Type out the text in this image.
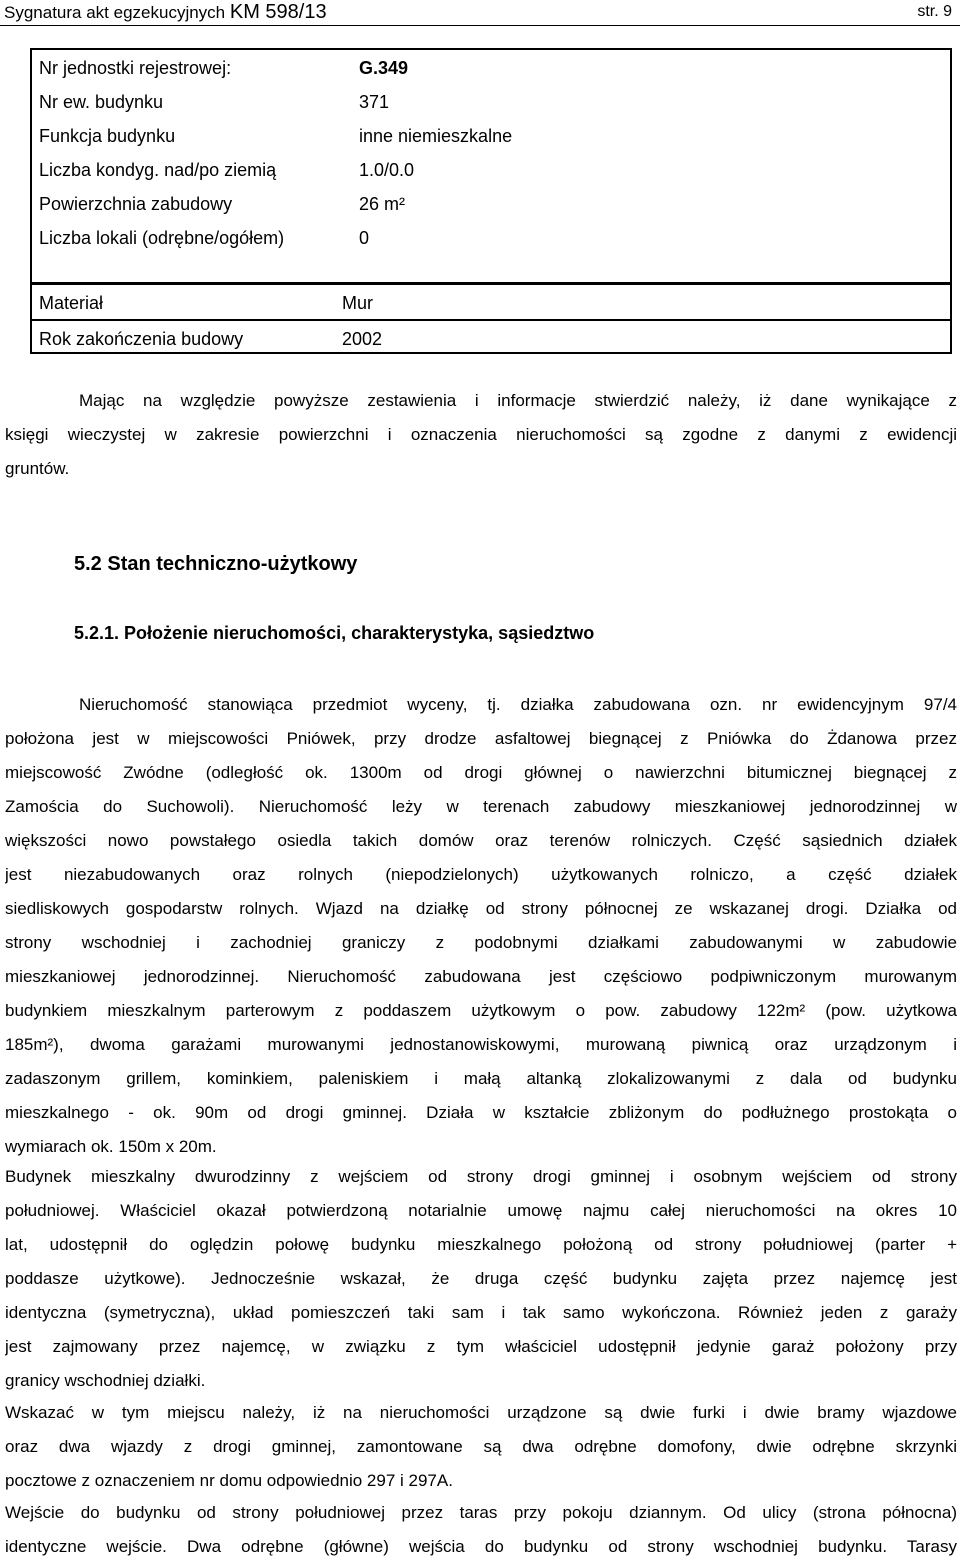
Sygnatura akt egzekucyjnych KM 598/13	str. 9
Nr jednostki rejestrowej:	G.349
Nr ew. budynku	371
Funkcja budynku	inne niemieszkalne
Liczba kondyg. nad/po ziemią	1.0/0.0
Powierzchnia zabudowy	26 m²
Liczba lokali (odrębne/ogółem)	0
Materiał	Mur
Rok zakończenia budowy	2002
Mając na względzie powyższe zestawienia i informacje stwierdzić należy, iż dane wynikające z
księgi wieczystej w zakresie powierzchni i oznaczenia nieruchomości są zgodne z danymi z ewidencji
gruntów.
5.2 Stan techniczno-użytkowy
5.2.1. Położenie nieruchomości, charakterystyka, sąsiedztwo
Nieruchomość stanowiąca przedmiot wyceny, tj. działka zabudowana ozn. nr ewidencyjnym 97/4
położona jest w miejscowości Pniówek, przy drodze asfaltowej biegnącej z Pniówka do Żdanowa przez
miejscowość Zwódne (odległość ok. 1300m od drogi głównej o nawierzchni bitumicznej biegnącej z
Zamościa do Suchowoli). Nieruchomość leży w terenach zabudowy mieszkaniowej jednorodzinnej w
większości nowo powstałego osiedla takich domów oraz terenów rolniczych. Część sąsiednich działek
jest niezabudowanych oraz rolnych (niepodzielonych) użytkowanych rolniczo, a część działek
siedliskowych gospodarstw rolnych. Wjazd na działkę od strony północnej ze wskazanej drogi. Działka od
strony wschodniej i zachodniej graniczy z podobnymi działkami zabudowanymi w zabudowie
mieszkaniowej jednorodzinnej. Nieruchomość zabudowana jest częściowo podpiwniczonym murowanym
budynkiem mieszkalnym parterowym z poddaszem użytkowym o pow. zabudowy 122m² (pow. użytkowa
185m²), dwoma garażami murowanymi jednostanowiskowymi, murowaną piwnicą oraz urządzonym i
zadaszonym grillem, kominkiem, paleniskiem i małą altanką zlokalizowanymi z dala od budynku
mieszkalnego - ok. 90m od drogi gminnej. Działa w kształcie zbliżonym do podłużnego prostokąta o
wymiarach ok. 150m x 20m.
Budynek mieszkalny dwurodzinny z wejściem od strony drogi gminnej i osobnym wejściem od strony
południowej. Właściciel okazał potwierdzoną notarialnie umowę najmu całej nieruchomości na okres 10
lat, udostępnił do oględzin połowę budynku mieszkalnego położoną od strony południowej (parter +
poddasze użytkowe). Jednocześnie wskazał, że druga część budynku zajęta przez najemcę jest
identyczna (symetryczna), układ pomieszczeń taki sam i tak samo wykończona. Również jeden z garaży
jest zajmowany przez najemcę, w związku z tym właściciel udostępnił jedynie garaż położony przy
granicy wschodniej działki.
Wskazać w tym miejscu należy, iż na nieruchomości urządzone są dwie furki i dwie bramy wjazdowe
oraz dwa wjazdy z drogi gminnej, zamontowane są dwa odrębne domofony, dwie odrębne skrzynki
pocztowe z oznaczeniem nr domu odpowiednio 297 i 297A.
Wejście do budynku od strony południowej przez taras przy pokoju dziannym. Od ulicy (strona północna)
identyczne wejście. Dwa odrębne (główne) wejścia do budynku od strony wschodniej budynku. Tarasy
